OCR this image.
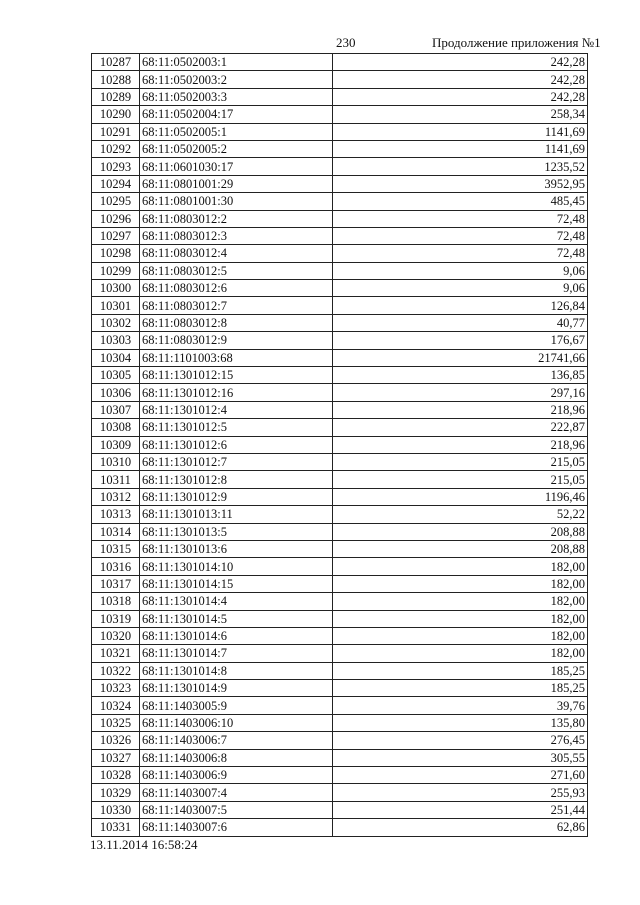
230	Продолжение приложения №1
10287	68:11:0502003:1	242,28
10288	68:11:0502003:2	242,28
10289	68:11:0502003:3	242,28
10290	68:11:0502004:17	258,34
10291	68:11:0502005:1	1141,69
10292	68:11:0502005:2	1141,69
10293	68:11:0601030:17	1235,52
10294	68:11:0801001:29	3952,95
10295	68:11:0801001:30	485,45
10296	68:11:0803012:2	72,48
10297	68:11:0803012:3	72,48
10298	68:11:0803012:4	72,48
10299	68:11:0803012:5	9,06
10300	68:11:0803012:6	9,06
10301	68:11:0803012:7	126,84
10302	68:11:0803012:8	40,77
10303	68:11:0803012:9	176,67
10304	68:11:1101003:68	21741,66
10305	68:11:1301012:15	136,85
10306	68:11:1301012:16	297,16
10307	68:11:1301012:4	218,96
10308	68:11:1301012:5	222,87
10309	68:11:1301012:6	218,96
10310	68:11:1301012:7	215,05
10311	68:11:1301012:8	215,05
10312	68:11:1301012:9	1196,46
10313	68:11:1301013:11	52,22
10314	68:11:1301013:5	208,88
10315	68:11:1301013:6	208,88
10316	68:11:1301014:10	182,00
10317	68:11:1301014:15	182,00
10318	68:11:1301014:4	182,00
10319	68:11:1301014:5	182,00
10320	68:11:1301014:6	182,00
10321	68:11:1301014:7	182,00
10322	68:11:1301014:8	185,25
10323	68:11:1301014:9	185,25
10324	68:11:1403005:9	39,76
10325	68:11:1403006:10	135,80
10326	68:11:1403006:7	276,45
10327	68:11:1403006:8	305,55
10328	68:11:1403006:9	271,60
10329	68:11:1403007:4	255,93
10330	68:11:1403007:5	251,44
10331	68:11:1403007:6	62,86
13.11.2014 16:58:24
